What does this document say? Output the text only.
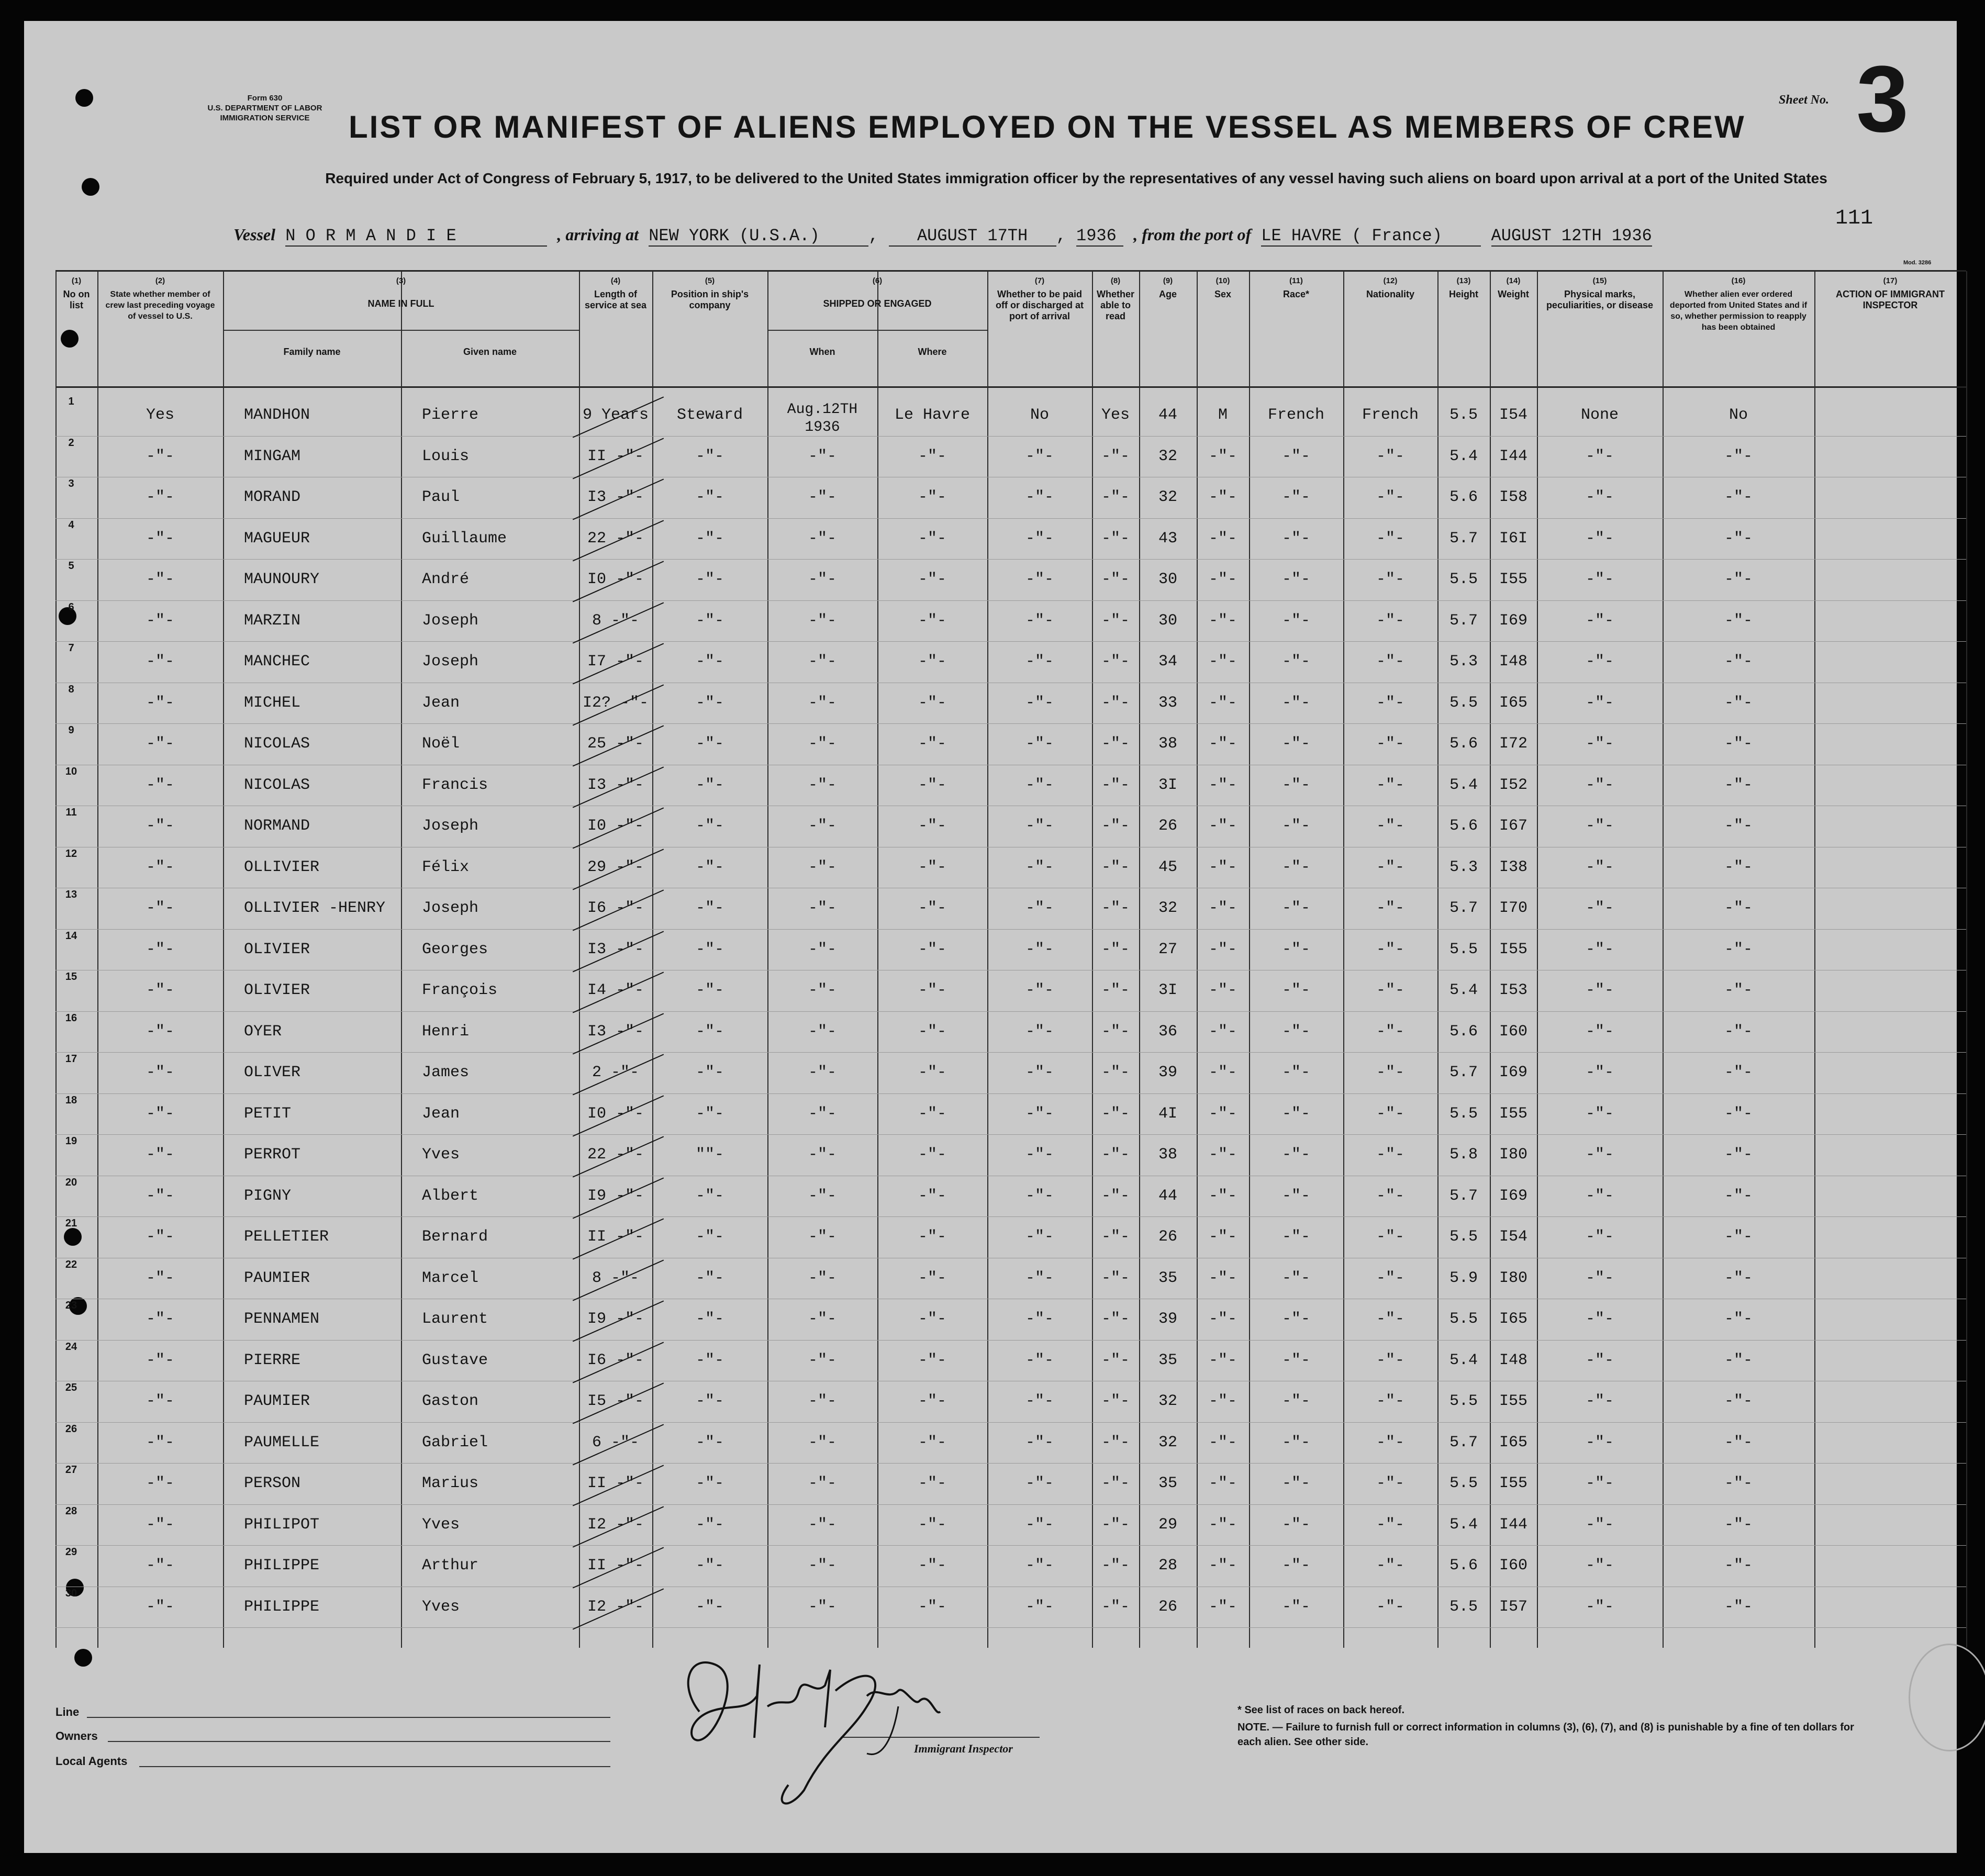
Form 630
U.S. DEPARTMENT OF LABOR
IMMIGRATION SERVICE
Sheet No. 3
LIST OR MANIFEST OF ALIENS EMPLOYED ON THE VESSEL AS MEMBERS OF CREW
Required under Act of Congress of February 5, 1917, to be delivered to the United States immigration officer by the representatives of any vessel having such aliens on board upon arrival at a port of the United States
Vessel N O R M A N D I E	, arriving at NEW YORK (U.S.A.)	, AUGUST 17TH , 1936 , from the port of LE HAVRE ( France)	AUGUST 12TH 1936
111
Mod. 3286
(1)
No on list
(2)
State whether member of crew last preceding voyage of vessel to U.S.
(3)
NAME IN FULL
(4)
Length of service at sea
(5)
Position in ship's company
(6)
SHIPPED OR ENGAGED
(7)
Whether to be paid off or discharged at port of arrival
(8)
Whether able to read
(9)
Age
(10)
Sex
(11)
Race*
(12)
Nationality
(13)
Height
(14)
Weight
(15)
Physical marks, peculiarities, or disease
(16)
Whether alien ever ordered deported from United States and if so, whether permission to reapply has been obtained
(17)
ACTION OF IMMIGRANT INSPECTOR
Family name	Given name	When	Where
1
Yes	MANDHON	Pierre	9 Years	Steward	Aug.12TH
1936
Le Havre	No	Yes	44	M	French	French	5.5	I54	None	No
2
-"-	MINGAM	Louis	II -"-	-"-	-"-	-"-	-"-	-"-	32	-"-	-"-	-"-	5.4	I44	-"-	-"-
3
-"-	MORAND	Paul	I3 -"-	-"-	-"-	-"-	-"-	-"-	32	-"-	-"-	-"-	5.6	I58	-"-	-"-
4
-"-	MAGUEUR	Guillaume	22 -"-	-"-	-"-	-"-	-"-	-"-	43	-"-	-"-	-"-	5.7	I6I	-"-	-"-
5
-"-	MAUNOURY	André	I0 -"-	-"-	-"-	-"-	-"-	-"-	30	-"-	-"-	-"-	5.5	I55	-"-	-"-
6
-"-	MARZIN	Joseph	8 -"-	-"-	-"-	-"-	-"-	-"-	30	-"-	-"-	-"-	5.7	I69	-"-	-"-
7
-"-	MANCHEC	Joseph	I7 -"-	-"-	-"-	-"-	-"-	-"-	34	-"-	-"-	-"-	5.3	I48	-"-	-"-
8
-"-	MICHEL	Jean	I2? -"-	-"-	-"-	-"-	-"-	-"-	33	-"-	-"-	-"-	5.5	I65	-"-	-"-
9
-"-	NICOLAS	Noël	25 -"-	-"-	-"-	-"-	-"-	-"-	38	-"-	-"-	-"-	5.6	I72	-"-	-"-
10
-"-	NICOLAS	Francis	I3 -"-	-"-	-"-	-"-	-"-	-"-	3I	-"-	-"-	-"-	5.4	I52	-"-	-"-
11
-"-	NORMAND	Joseph	I0 -"-	-"-	-"-	-"-	-"-	-"-	26	-"-	-"-	-"-	5.6	I67	-"-	-"-
12
-"-	OLLIVIER	Félix	29 -"-	-"-	-"-	-"-	-"-	-"-	45	-"-	-"-	-"-	5.3	I38	-"-	-"-
13
-"-	OLLIVIER -HENRY	Joseph	I6 -"-	-"-	-"-	-"-	-"-	-"-	32	-"-	-"-	-"-	5.7	I70	-"-	-"-
14
-"-	OLIVIER	Georges	I3 -"-	-"-	-"-	-"-	-"-	-"-	27	-"-	-"-	-"-	5.5	I55	-"-	-"-
15
-"-	OLIVIER	François	I4 -"-	-"-	-"-	-"-	-"-	-"-	3I	-"-	-"-	-"-	5.4	I53	-"-	-"-
16
-"-	OYER	Henri	I3 -"-	-"-	-"-	-"-	-"-	-"-	36	-"-	-"-	-"-	5.6	I60	-"-	-"-
17
-"-	OLIVER	James	2 -"-	-"-	-"-	-"-	-"-	-"-	39	-"-	-"-	-"-	5.7	I69	-"-	-"-
18
-"-	PETIT	Jean	I0 -"-	-"-	-"-	-"-	-"-	-"-	4I	-"-	-"-	-"-	5.5	I55	-"-	-"-
19
-"-	PERROT	Yves	22 -"-	""-	-"-	-"-	-"-	-"-	38	-"-	-"-	-"-	5.8	I80	-"-	-"-
20
-"-	PIGNY	Albert	I9 -"-	-"-	-"-	-"-	-"-	-"-	44	-"-	-"-	-"-	5.7	I69	-"-	-"-
21
-"-	PELLETIER	Bernard	II -"-	-"-	-"-	-"-	-"-	-"-	26	-"-	-"-	-"-	5.5	I54	-"-	-"-
22
-"-	PAUMIER	Marcel	8 -"-	-"-	-"-	-"-	-"-	-"-	35	-"-	-"-	-"-	5.9	I80	-"-	-"-
23
-"-	PENNAMEN	Laurent	I9 -"-	-"-	-"-	-"-	-"-	-"-	39	-"-	-"-	-"-	5.5	I65	-"-	-"-
24
-"-	PIERRE	Gustave	I6 -"-	-"-	-"-	-"-	-"-	-"-	35	-"-	-"-	-"-	5.4	I48	-"-	-"-
25
-"-	PAUMIER	Gaston	I5 -"-	-"-	-"-	-"-	-"-	-"-	32	-"-	-"-	-"-	5.5	I55	-"-	-"-
26
-"-	PAUMELLE	Gabriel	6 -"-	-"-	-"-	-"-	-"-	-"-	32	-"-	-"-	-"-	5.7	I65	-"-	-"-
27
-"-	PERSON	Marius	II -"-	-"-	-"-	-"-	-"-	-"-	35	-"-	-"-	-"-	5.5	I55	-"-	-"-
28
-"-	PHILIPOT	Yves	I2 -"-	-"-	-"-	-"-	-"-	-"-	29	-"-	-"-	-"-	5.4	I44	-"-	-"-
29
-"-	PHILIPPE	Arthur	II -"-	-"-	-"-	-"-	-"-	-"-	28	-"-	-"-	-"-	5.6	I60	-"-	-"-
30
-"-	PHILIPPE	Yves	I2 -"-	-"-	-"-	-"-	-"-	-"-	26	-"-	-"-	-"-	5.5	I57	-"-	-"-
Line
Owners
Local Agents
Immigrant Inspector
* See list of races on back hereof.
NOTE. — Failure to furnish full or correct information in columns (3), (6), (7), and (8) is punishable by a fine of ten dollars for each alien. See other side.
